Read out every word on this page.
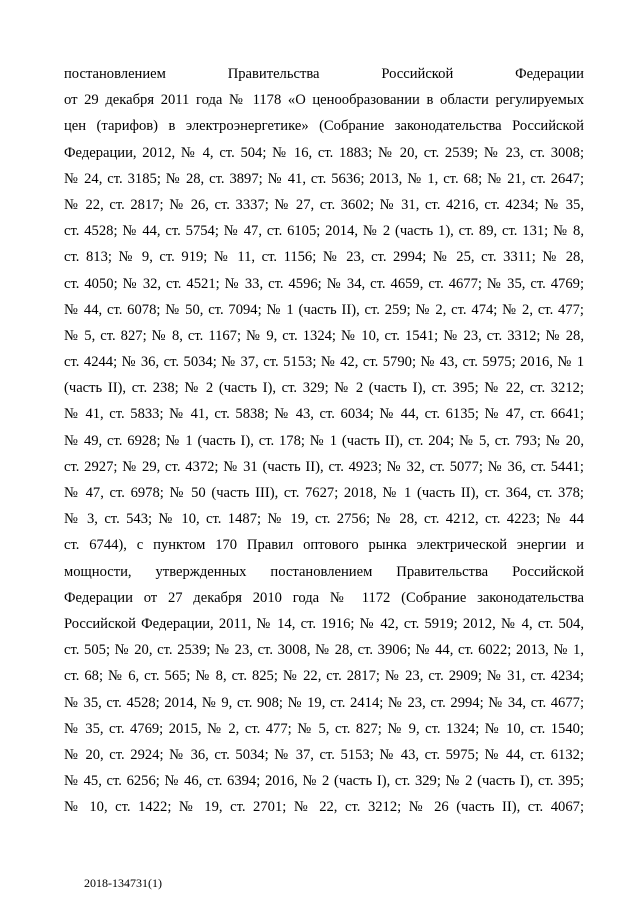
постановлением Правительства Российской Федерации
от 29 декабря 2011 года № 1178 «О ценообразовании в области регулируемых
цен (тарифов) в электроэнергетике» (Собрание законодательства Российской
Федерации, 2012, № 4, ст. 504; № 16, ст. 1883; № 20, ст. 2539; № 23, ст. 3008;
№ 24, ст. 3185; № 28, ст. 3897; № 41, ст. 5636; 2013, № 1, ст. 68; № 21, ст. 2647;
№ 22, ст. 2817; № 26, ст. 3337; № 27, ст. 3602; № 31, ст. 4216, ст. 4234; № 35,
ст. 4528; № 44, ст. 5754; № 47, ст. 6105; 2014, № 2 (часть 1), ст. 89, ст. 131; № 8,
ст. 813; № 9, ст. 919; № 11, ст. 1156; № 23, ст. 2994; № 25, ст. 3311; № 28,
ст. 4050; № 32, ст. 4521; № 33, ст. 4596; № 34, ст. 4659, ст. 4677; № 35, ст. 4769;
№ 44, ст. 6078; № 50, ст. 7094; № 1 (часть II), ст. 259; № 2, ст. 474; № 2, ст. 477;
№ 5, ст. 827; № 8, ст. 1167; № 9, ст. 1324; № 10, ст. 1541; № 23, ст. 3312; № 28,
ст. 4244; № 36, ст. 5034; № 37, ст. 5153; № 42, ст. 5790; № 43, ст. 5975; 2016, № 1
(часть II), ст. 238; № 2 (часть I), ст. 329; № 2 (часть I), ст. 395; № 22, ст. 3212;
№ 41, ст. 5833; № 41, ст. 5838; № 43, ст. 6034; № 44, ст. 6135; № 47, ст. 6641;
№ 49, ст. 6928; № 1 (часть I), ст. 178; № 1 (часть II), ст. 204; № 5, ст. 793; № 20,
ст. 2927; № 29, ст. 4372; № 31 (часть II), ст. 4923; № 32, ст. 5077; № 36, ст. 5441;
№ 47, ст. 6978; № 50 (часть III), ст. 7627; 2018, № 1 (часть II), ст. 364, ст. 378;
№ 3, ст. 543; № 10, ст. 1487; № 19, ст. 2756; № 28, ст. 4212, ст. 4223; № 44
ст. 6744), с пунктом 170 Правил оптового рынка электрической энергии и
мощности, утвержденных постановлением Правительства Российской
Федерации от 27 декабря 2010 года № 1172 (Собрание законодательства
Российской Федерации, 2011, № 14, ст. 1916; № 42, ст. 5919; 2012, № 4, ст. 504,
ст. 505; № 20, ст. 2539; № 23, ст. 3008, № 28, ст. 3906; № 44, ст. 6022; 2013, № 1,
ст. 68; № 6, ст. 565; № 8, ст. 825; № 22, ст. 2817; № 23, ст. 2909; № 31, ст. 4234;
№ 35, ст. 4528; 2014, № 9, ст. 908; № 19, ст. 2414; № 23, ст. 2994; № 34, ст. 4677;
№ 35, ст. 4769; 2015, № 2, ст. 477; № 5, ст. 827; № 9, ст. 1324; № 10, ст. 1540;
№ 20, ст. 2924; № 36, ст. 5034; № 37, ст. 5153; № 43, ст. 5975; № 44, ст. 6132;
№ 45, ст. 6256; № 46, ст. 6394; 2016, № 2 (часть I), ст. 329; № 2 (часть I), ст. 395;
№ 10, ст. 1422; № 19, ст. 2701; № 22, ст. 3212; № 26 (часть II), ст. 4067;
2018-134731(1)
